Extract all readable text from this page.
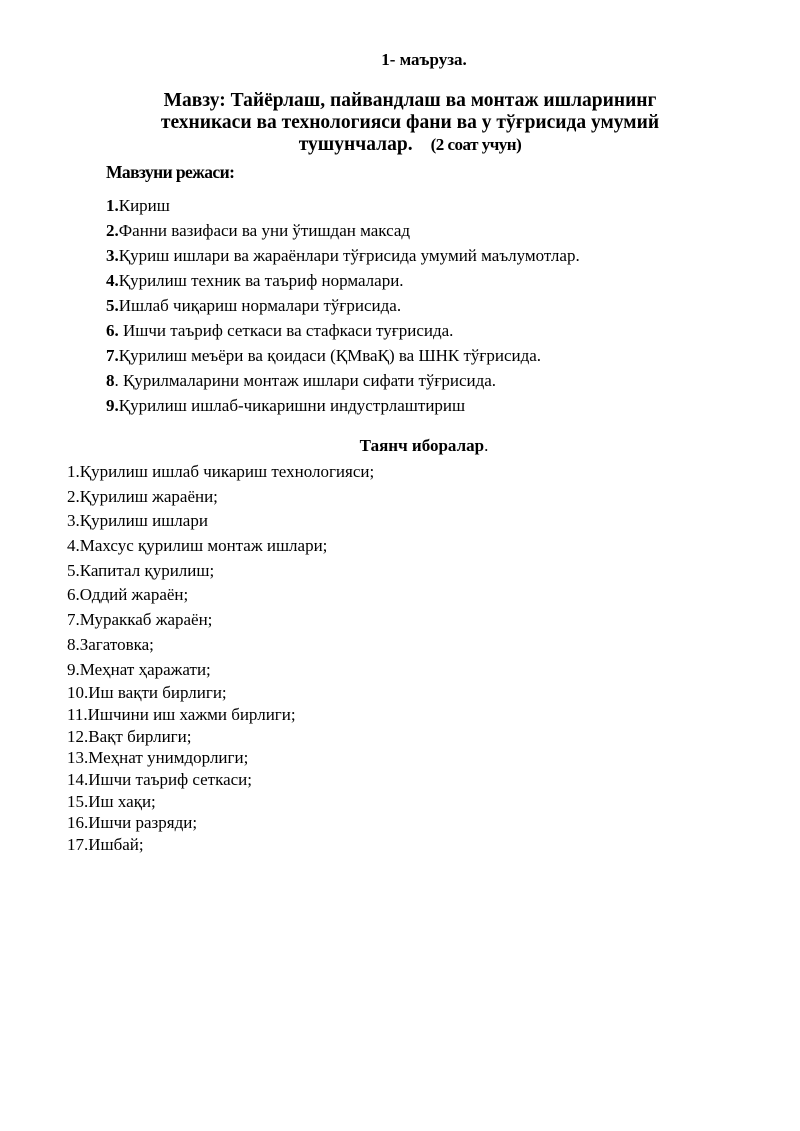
1- маъруза.
Мавзу: Тайёрлаш, пайвандлаш ва монтаж ишларининг
техникаси ва технологияси фани ва у тўғрисида умумий
тушунчалар. (2 соат учун)
Мавзуни режаси:
1.Кириш
2.Фанни вазифаси ва уни ўтишдан максад
3.Қуриш ишлари ва жараёнлари тўғрисида умумий маълумотлар.
4.Қурилиш техник ва таъриф нормалари.
5.Ишлаб чиқариш нормалари тўғрисида.
6. Ишчи таъриф сеткаси ва стафкаси туғрисида.
7.Қурилиш меъёри ва қоидаси (ҚМваҚ) ва ШНК тўғрисида.
8. Қурилмаларини монтаж ишлари сифати тўғрисида.
9.Қурилиш ишлаб-чикаришни индустрлаштириш
Таянч иборалар.
1.Қурилиш ишлаб чикариш технологияси;
2.Қурилиш жараёни;
3.Қурилиш ишлари
4.Махсус қурилиш монтаж ишлари;
5.Капитал қурилиш;
6.Оддий жараён;
7.Мураккаб жараён;
8.Загатовка;
9.Меҳнат ҳаражати;
10.Иш вақти бирлиги;
11.Ишчини иш хажми бирлиги;
12.Вақт бирлиги;
13.Меҳнат унимдорлиги;
14.Ишчи таъриф сеткаси;
15.Иш хақи;
16.Ишчи разряди;
17.Ишбай;
